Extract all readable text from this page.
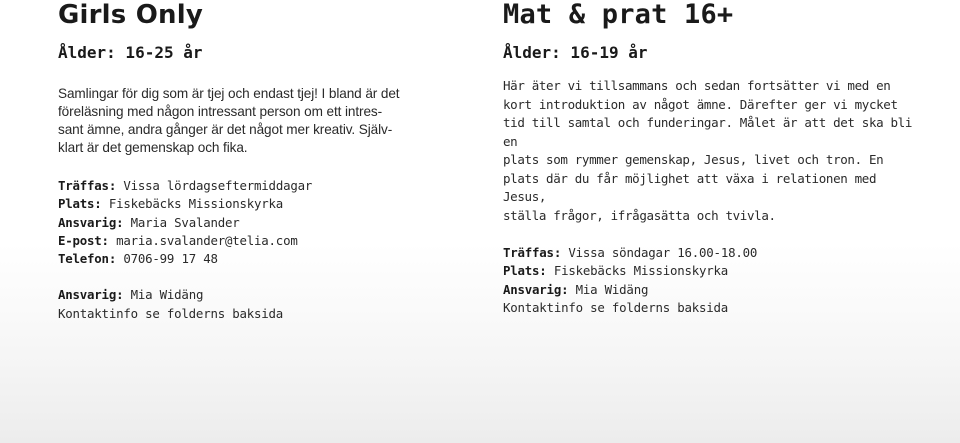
Girls Only
Ålder: 16-25 år
Samlingar för dig som är tjej och endast tjej! I bland är det
föreläsning med någon intressant person om ett intres-
sant ämne, andra gånger är det något mer kreativ. Själv-
klart är det gemenskap och fika.
Träffas: Vissa lördagseftermiddagar
Plats: Fiskebäcks Missionskyrka
Ansvarig: Maria Svalander
E-post: maria.svalander@telia.com
Telefon: 0706-99 17 48
Ansvarig: Mia Widäng
Kontaktinfo se folderns baksida
Mat & prat 16+
Ålder: 16-19 år
Här äter vi tillsammans och sedan fortsätter vi med en
kort introduktion av något ämne. Därefter ger vi mycket
tid till samtal och funderingar. Målet är att det ska bli en
plats som rymmer gemenskap, Jesus, livet och tron. En
plats där du får möjlighet att växa i relationen med Jesus,
ställa frågor, ifrågasätta och tvivla.
Träffas: Vissa söndagar 16.00-18.00
Plats: Fiskebäcks Missionskyrka
Ansvarig: Mia Widäng
Kontaktinfo se folderns baksida
